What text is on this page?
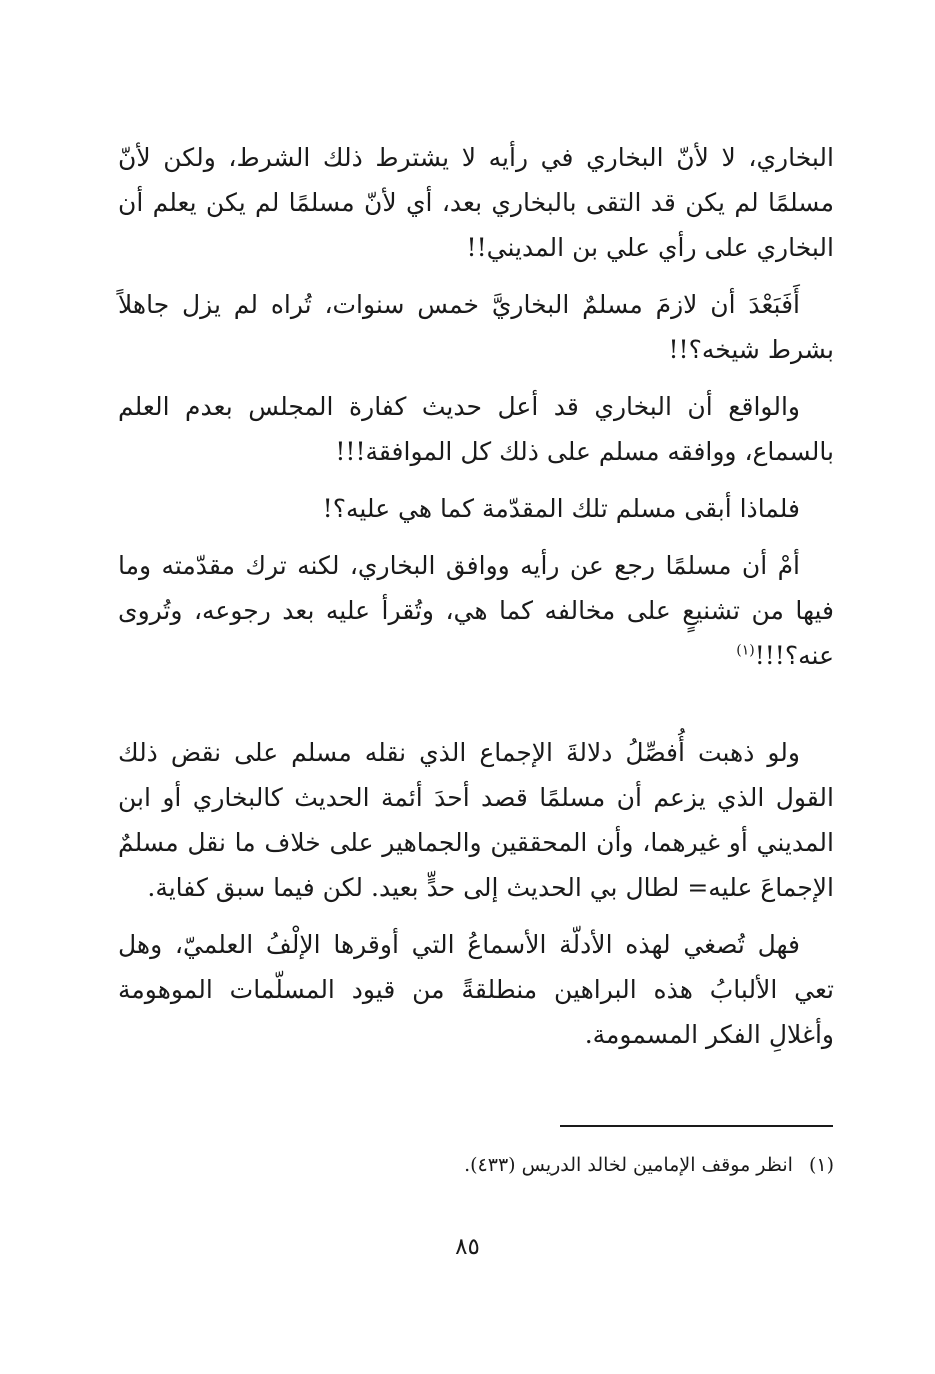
البخاري، لا لأنّ البخاري في رأيه لا يشترط ذلك الشرط، ولكن لأنّ مسلمًا لم يكن قد التقى بالبخاري بعد، أي لأنّ مسلمًا لم يكن يعلم أن البخاري على رأي علي بن المديني!!

أَفَبَعْدَ أن لازمَ مسلمٌ البخاريَّ خمس سنوات، تُراه لم يزل جاهلاً بشرط شيخه؟!!

والواقع أن البخاري قد أعل حديث كفارة المجلس بعدم العلم بالسماع، ووافقه مسلم على ذلك كل الموافقة!!!

فلماذا أبقى مسلم تلك المقدّمة كما هي عليه؟!

أمْ أن مسلمًا رجع عن رأيه ووافق البخاري، لكنه ترك مقدّمته وما فيها من تشنيعٍ على مخالفه كما هي، وتُقرأ عليه بعد رجوعه، وتُروى عنه؟!!!$^{(١)}$

ولو ذهبت أُفصِّلُ دلالةَ الإجماع الذي نقله مسلم على نقض ذلك القول الذي يزعم أن مسلمًا قصد أحدَ أئمة الحديث كالبخاري أو ابن المديني أو غيرهما، وأن المحققين والجماهير على خلاف ما نقل مسلمٌ الإجماعَ عليه= لطال بي الحديث إلى حدٍّ بعيد. لكن فيما سبق كفاية.

فهل تُصغي لهذه الأدلّة الأسماعُ التي أوقرها الإلْفُ العلميّ، وهل تعي الألبابُ هذه البراهين منطلقةً من قيود المسلّمات الموهومة وأغلالِ الفكر المسمومة.

(١)انظر موقف الإمامين لخالد الدريس (٤٣٣).

٨٥
